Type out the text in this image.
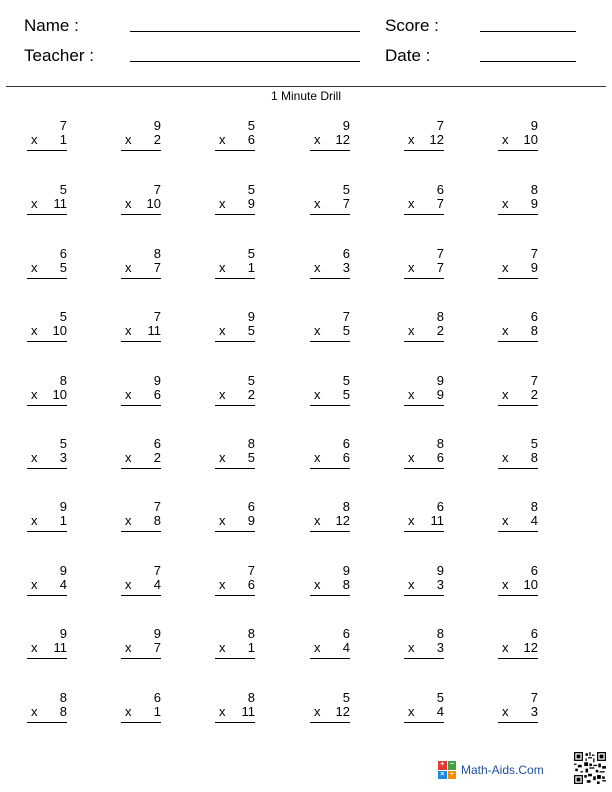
Name :	Score :
Teacher :	Date :
1 Minute Drill
7
x 1
9
x 2
5
x 6
9
x 12
7
x 12
9
x 10
5
x 11
7
x 10
5
x 9
5
x 7
6
x 7
8
x 9
6
x 5
8
x 7
5
x 1
6
x 3
7
x 7
7
x 9
5
x 10
7
x 11
9
x 5
7
x 5
8
x 2
6
x 8
8
x 10
9
x 6
5
x 2
5
x 5
9
x 9
7
x 2
5
x 3
6
x 2
8
x 5
6
x 6
8
x 6
5
x 8
9
x 1
7
x 8
6
x 9
8
x 12
6
x 11
8
x 4
9
x 4
7
x 4
7
x 6
9
x 8
9
x 3
6
x 10
9
x 11
9
x 7
8
x 1
6
x 4
8
x 3
6
x 12
8
x 8
6
x 1
8
x 11
5
x 12
5
x 4
7
x 3
+ −
× ÷ Math-Aids.Com
